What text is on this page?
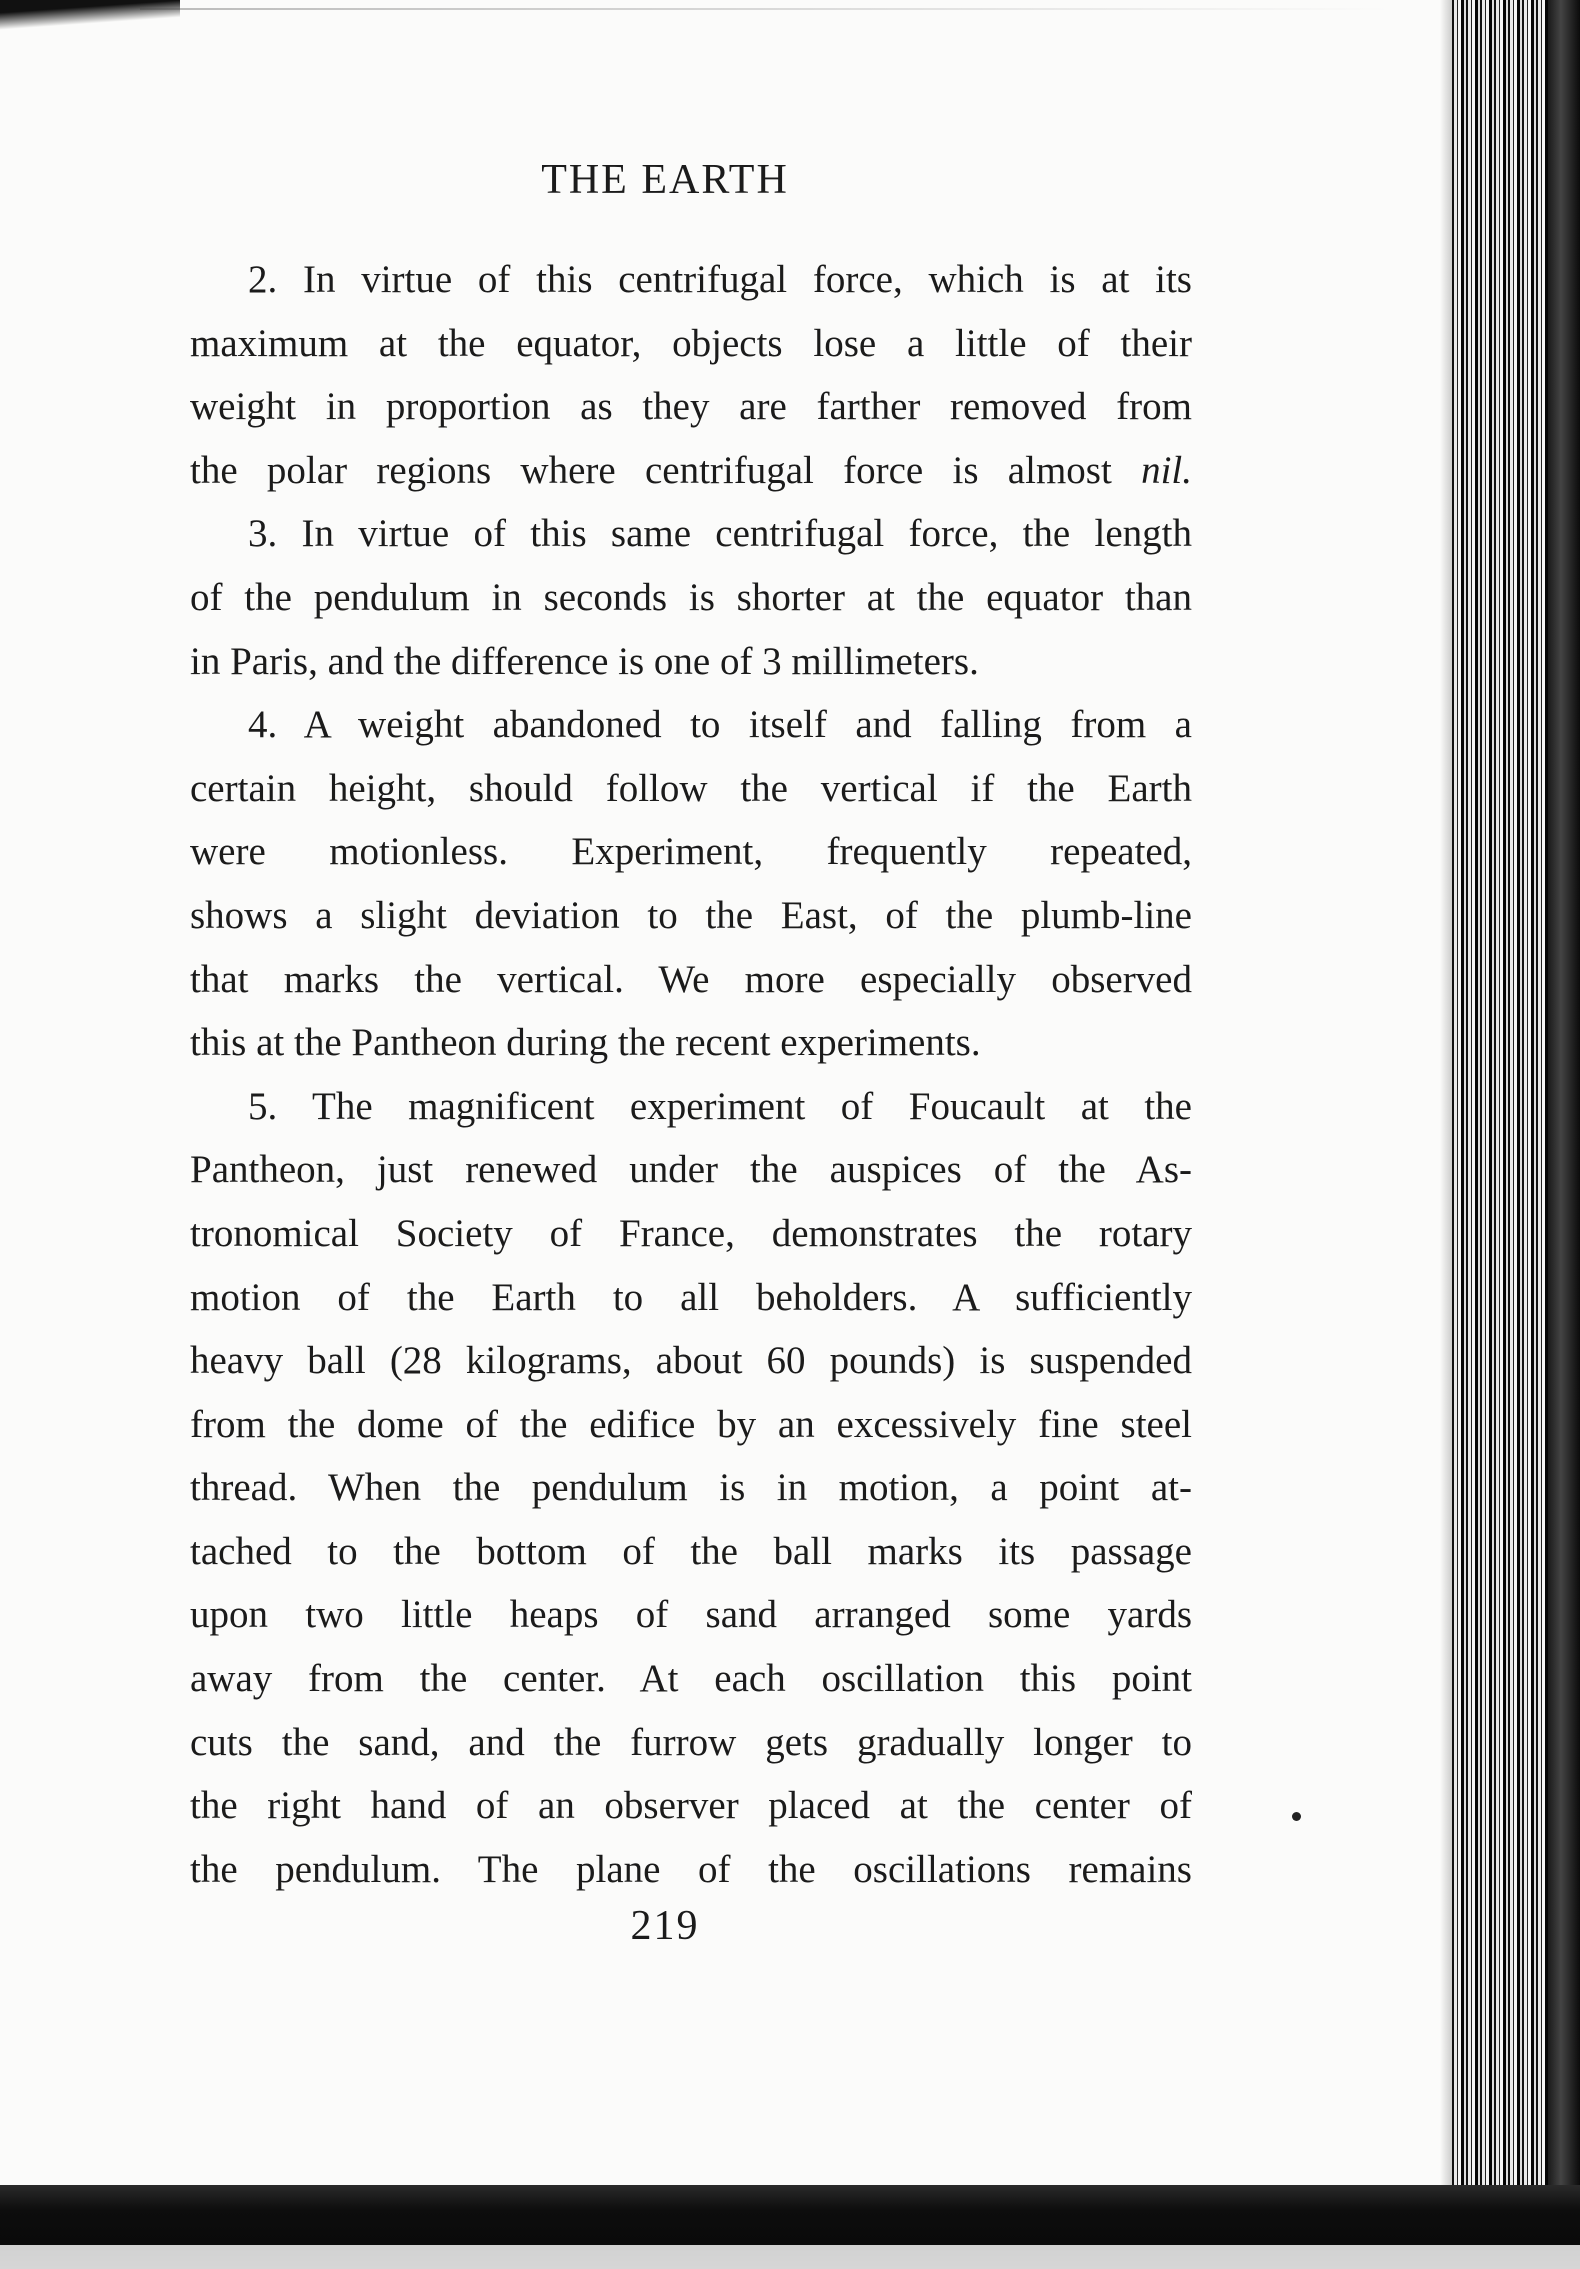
THE EARTH
2. In virtue of this centrifugal force, which is at its
maximum at the equator, objects lose a little of their
weight in proportion as they are farther removed from
the polar regions where centrifugal force is almost nil.
3. In virtue of this same centrifugal force, the length
of the pendulum in seconds is shorter at the equator than
in Paris, and the difference is one of 3 millimeters.
4. A weight abandoned to itself and falling from a
certain height, should follow the vertical if the Earth
were motionless. Experiment, frequently repeated,
shows a slight deviation to the East, of the plumb-line
that marks the vertical. We more especially observed
this at the Pantheon during the recent experiments.
5. The magnificent experiment of Foucault at the
Pantheon, just renewed under the auspices of the As-
tronomical Society of France, demonstrates the rotary
motion of the Earth to all beholders. A sufficiently
heavy ball (28 kilograms, about 60 pounds) is suspended
from the dome of the edifice by an excessively fine steel
thread. When the pendulum is in motion, a point at-
tached to the bottom of the ball marks its passage
upon two little heaps of sand arranged some yards
away from the center. At each oscillation this point
cuts the sand, and the furrow gets gradually longer to
the right hand of an observer placed at the center of
the pendulum. The plane of the oscillations remains
219
